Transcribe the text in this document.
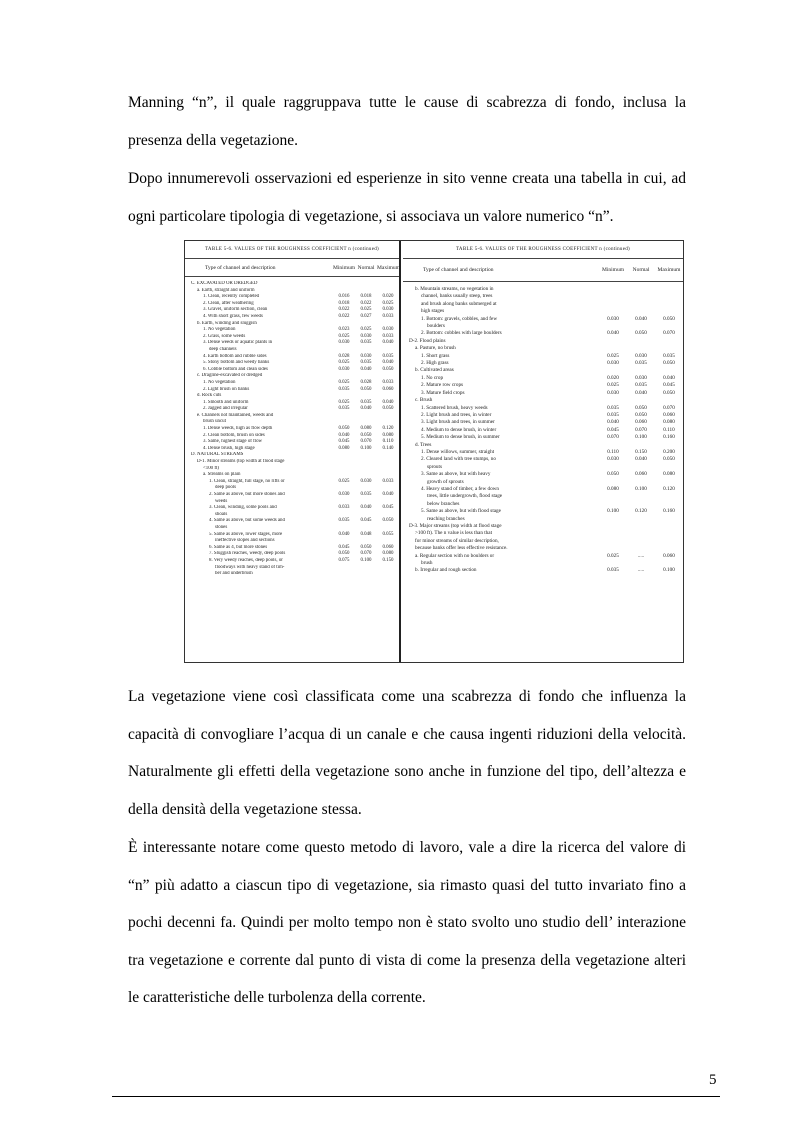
Manning “n”, il quale raggruppava tutte le cause di scabrezza di fondo, inclusa la presenza della vegetazione.

Dopo innumerevoli osservazioni ed esperienze in sito venne creata una tabella in cui, ad ogni particolare tipologia di vegetazione, si associava un valore numerico “n”.

TABLE 5-6. VALUES OF THE ROUGHNESS COEFFICIENT n (continued)
Type of channel and description	Minimum Normal Maximum
C. EXCAVATED OR DREDGED
a. Earth, straight and uniform
1. Clean, recently completed	0.016	0.018	0.020
2. Clean, after weathering	0.018	0.022	0.025
3. Gravel, uniform section, clean	0.022	0.025	0.030
4. With short grass, few weeds	0.022	0.027	0.033
b. Earth, winding and sluggish
1. No vegetation	0.023	0.025	0.030
2. Grass, some weeds	0.025	0.030	0.033
3. Dense weeds or aquatic plants in	0.030	0.035	0.040
deep channels
4. Earth bottom and rubble sides	0.028	0.030	0.035
5. Stony bottom and weedy banks	0.025	0.035	0.040
6. Cobble bottom and clean sides	0.030	0.040	0.050
c. Dragline-excavated or dredged
1. No vegetation	0.025	0.028	0.033
2. Light brush on banks	0.035	0.050	0.060
d. Rock cuts
1. Smooth and uniform	0.025	0.035	0.040
2. Jagged and irregular	0.035	0.040	0.050
e. Channels not maintained, weeds and
brush uncut
1. Dense weeds, high as flow depth	0.050	0.080	0.120
2. Clean bottom, brush on sides	0.040	0.050	0.080
3. Same, highest stage of flow	0.045	0.070	0.110
4. Dense brush, high stage	0.080	0.100	0.140
D. NATURAL STREAMS
D-1. Minor streams (top width at flood stage
<100 ft)
a. Streams on plain
1. Clean, straight, full stage, no rifts or	0.025	0.030	0.033
deep pools
2. Same as above, but more stones and	0.030	0.035	0.040
weeds
3. Clean, winding, some pools and	0.033	0.040	0.045
shoals
4. Same as above, but some weeds and	0.035	0.045	0.050
stones
5. Same as above, lower stages, more	0.040	0.048	0.055
ineffective slopes and sections
6. Same as 4, but more stones	0.045	0.050	0.060
7. Sluggish reaches, weedy, deep pools	0.050	0.070	0.080
8. Very weedy reaches, deep pools, or	0.075	0.100	0.150
floodways with heavy stand of tim-
ber and underbrush
TABLE 5-6. VALUES OF THE ROUGHNESS COEFFICIENT n (continued)
Type of channel and description	Minimum	Normal	Maximum
b. Mountain streams, no vegetation in
channel, banks usually steep, trees
and brush along banks submerged at
high stages
1. Bottom: gravels, cobbles, and few	0.030	0.040	0.050
boulders
2. Bottom: cobbles with large boulders	0.040	0.050	0.070
D-2. Flood plains
a. Pasture, no brush
1. Short grass	0.025	0.030	0.035
2. High grass	0.030	0.035	0.050
b. Cultivated areas
1. No crop	0.020	0.030	0.040
2. Mature row crops	0.025	0.035	0.045
3. Mature field crops	0.030	0.040	0.050
c. Brush
1. Scattered brush, heavy weeds	0.035	0.050	0.070
2. Light brush and trees, in winter	0.035	0.050	0.060
3. Light brush and trees, in summer	0.040	0.060	0.080
4. Medium to dense brush, in winter	0.045	0.070	0.110
5. Medium to dense brush, in summer	0.070	0.100	0.160
d. Trees
1. Dense willows, summer, straight	0.110	0.150	0.200
2. Cleared land with tree stumps, no	0.030	0.040	0.050
sprouts
3. Same as above, but with heavy	0.050	0.060	0.080
growth of sprouts
4. Heavy stand of timber, a few down	0.080	0.100	0.120
trees, little undergrowth, flood stage
below branches
5. Same as above, but with flood stage	0.100	0.120	0.160
reaching branches
D-3. Major streams (top width at flood stage
>100 ft). The n value is less than that
for minor streams of similar description,
because banks offer less effective resistance.
a. Regular section with no boulders or	0.025	.....	0.060
brush
b. Irregular and rough section	0.035	.....	0.100

La vegetazione viene così classificata come una scabrezza di fondo che influenza la capacità di convogliare l’acqua di un canale e che causa ingenti riduzioni della velocità. Naturalmente gli effetti della vegetazione sono anche in funzione del tipo, dell’altezza e della densità della vegetazione stessa.

È interessante notare come questo metodo di lavoro, vale a dire la ricerca del valore di “n” più adatto a ciascun tipo di vegetazione, sia rimasto quasi del tutto invariato fino a pochi decenni fa. Quindi per molto tempo non è stato svolto uno studio dell’ interazione tra vegetazione e corrente dal punto di vista di come la presenza della vegetazione alteri le caratteristiche delle turbolenza della corrente.

5
